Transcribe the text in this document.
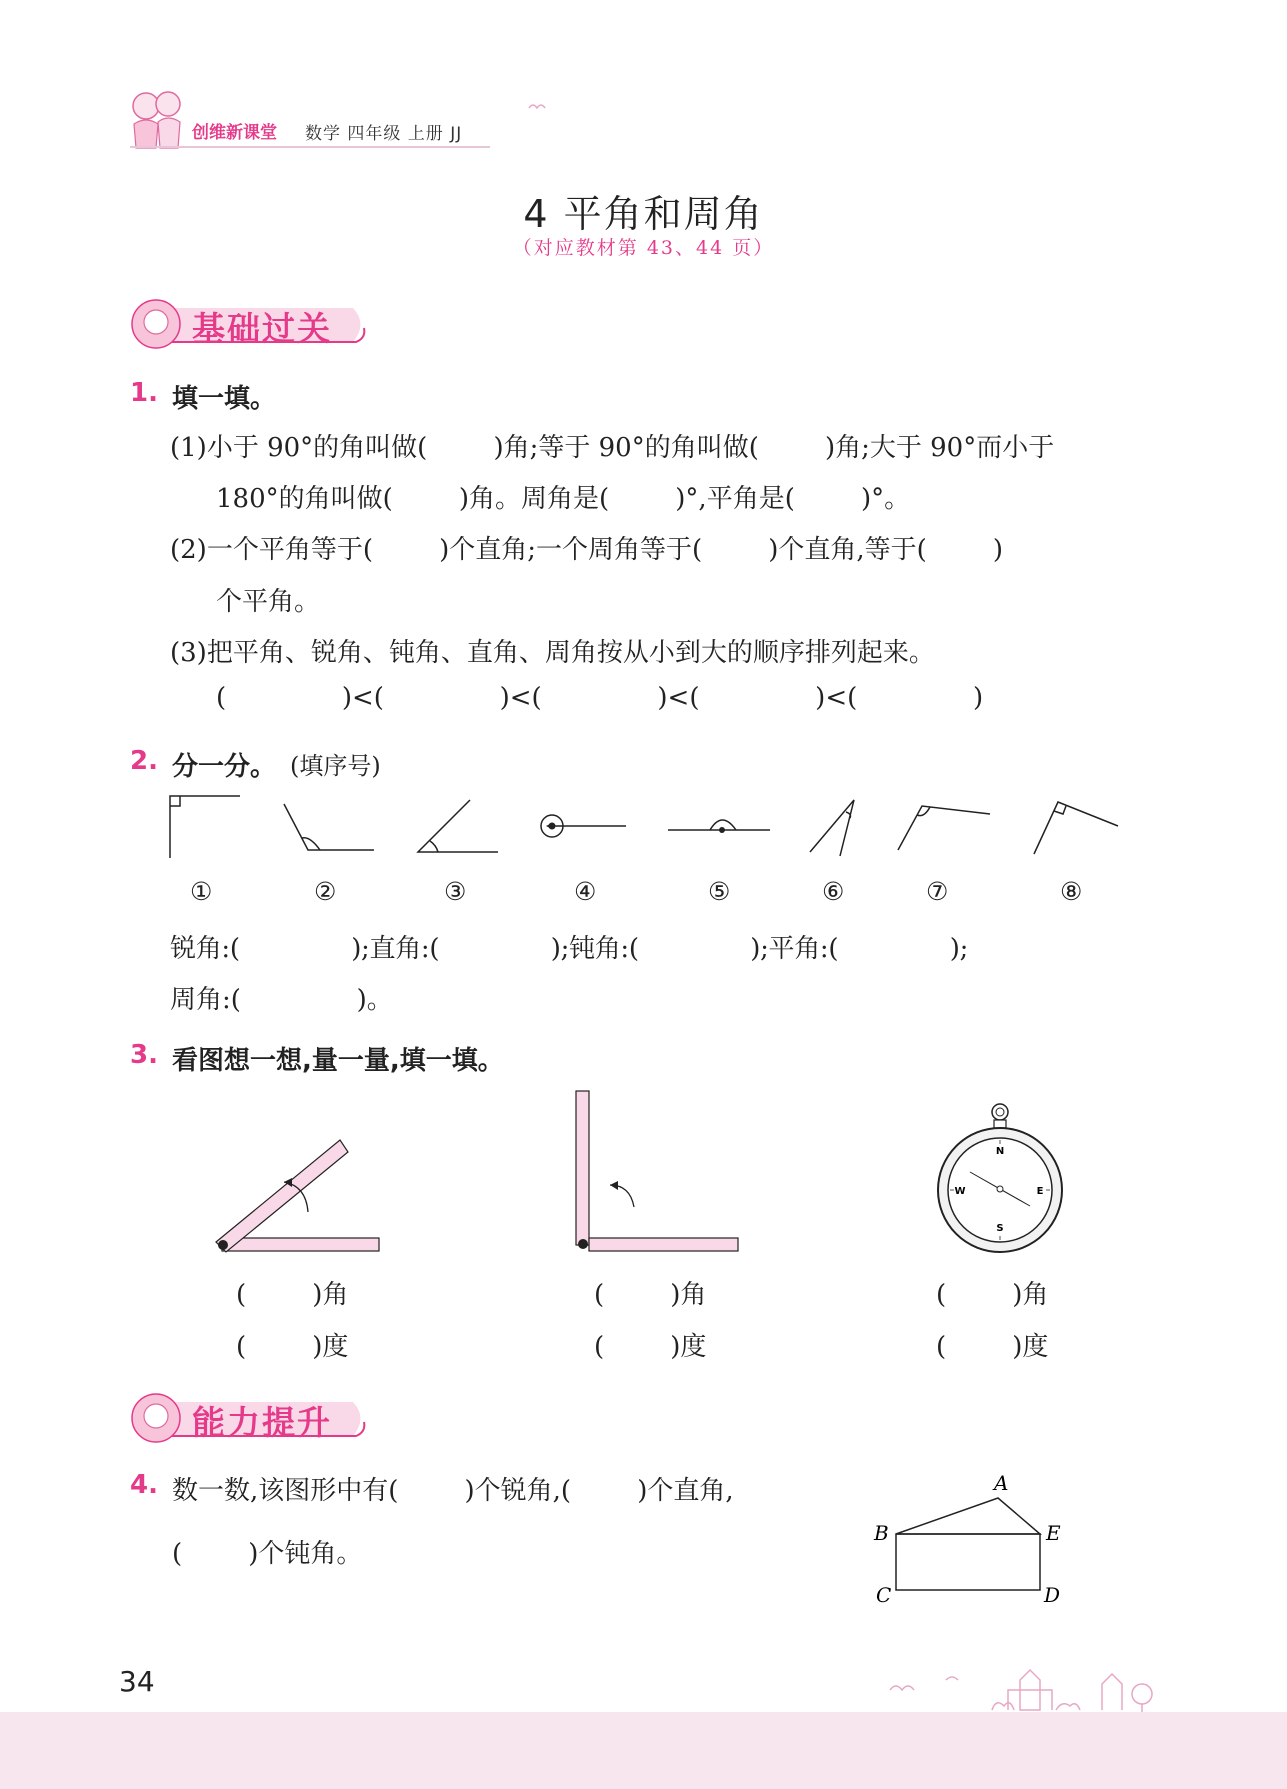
创维新课堂 数学 四年级 上册 JJ
4 平角和周角
（对应教材第 43、44 页）
基础过关
1. 填一填。
(1)小于 90°的角叫做(        )角;等于 90°的角叫做(        )角;大于 90°而小于
180°的角叫做(        )角。周角是(        )°,平角是(        )°。
(2)一个平角等于(        )个直角;一个周角等于(        )个直角,等于(        )
个平角。
(3)把平角、锐角、钝角、直角、周角按从小到大的顺序排列起来。
(              )<(              )<(              )<(              )<(              )
2. 分一分。 (填序号)
①	②	③	④	⑤	⑥	⑦	⑧
锐角:(              );直角:(              );钝角:(              );平角:(              );
周角:(              )。
3. 看图想一想,量一量,填一填。
N
E
S
W
(        )角
(        )度
(        )角
(        )度
(        )角
(        )度
能力提升
4. 数一数,该图形中有(        )个锐角,(        )个直角,
(        )个钝角。
A
B	E
C	D
34
